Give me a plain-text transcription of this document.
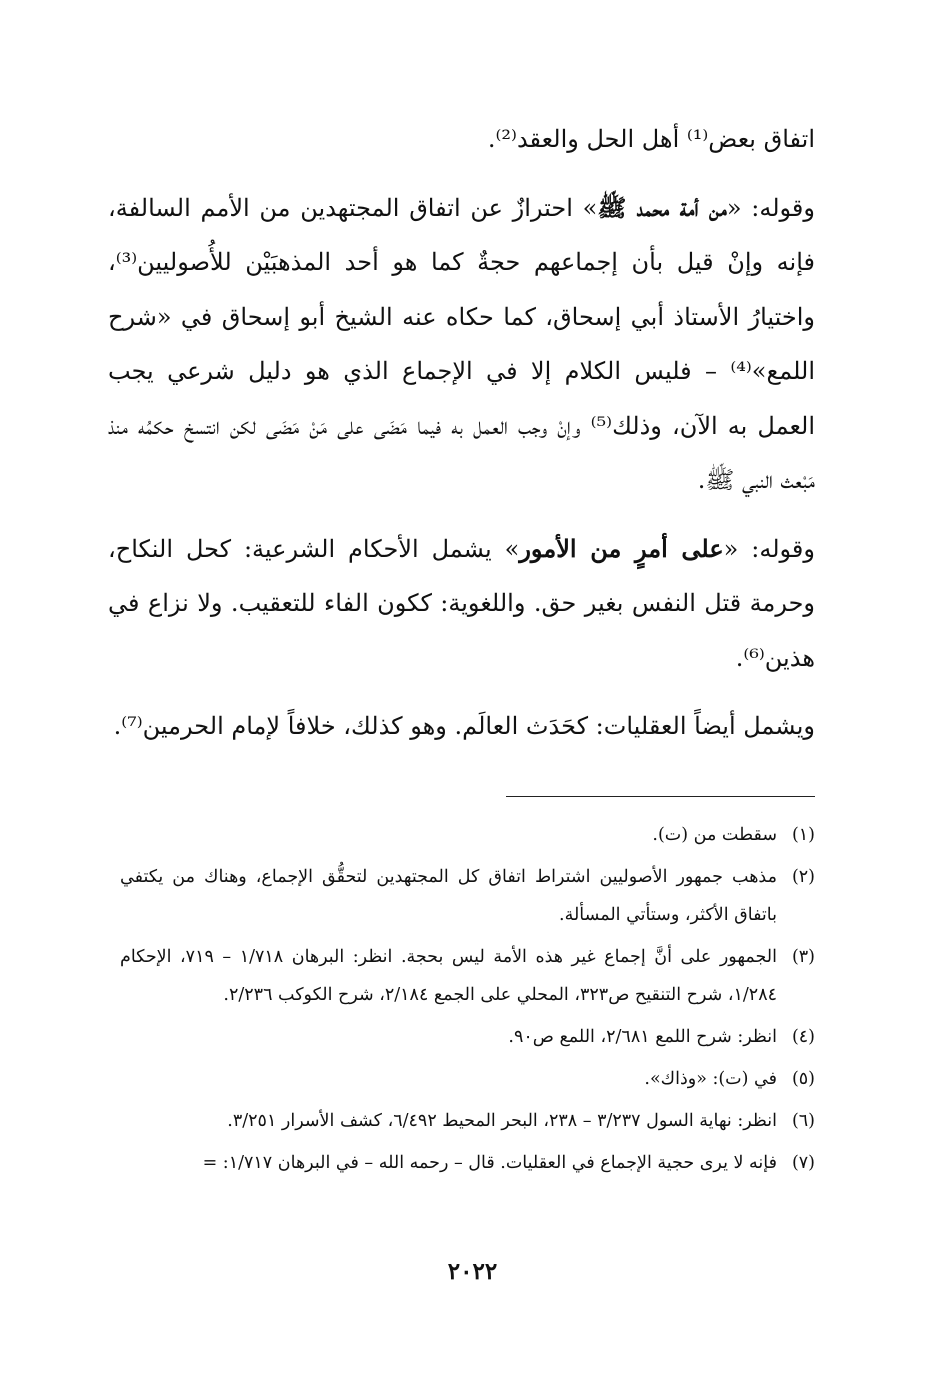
اتفاق بعض⁽¹⁾ أهل الحل والعقد⁽²⁾.

وقوله: «من أمة محمد ﷺ» احترازٌ عن اتفاق المجتهدين من الأمم السالفة، فإنه وإنْ قيل بأن إجماعهم حجةٌ كما هو أحد المذهبَيْن للأُصوليين⁽³⁾، واختيارُ الأستاذ أبي إسحاق، كما حكاه عنه الشيخ أبو إسحاق في «شرح اللمع»⁽⁴⁾ – فليس الكلام إلا في الإجماع الذي هو دليل شرعي يجب العمل به الآن، وذلك⁽⁵⁾ وإنْ وجب العمل به فيما مَضَى على مَنْ مَضَى لكن انتسخ حكمُه منذ مَبْعث النبي ﷺ.

وقوله: «على أمرٍ من الأمور» يشمل الأحكام الشرعية: كحل النكاح، وحرمة قتل النفس بغير حق. واللغوية: ككون الفاء للتعقيب. ولا نزاع في هذين⁽⁶⁾.

ويشمل أيضاً العقليات: كحَدَث العالَم. وهو كذلك، خلافاً لإمام الحرمين⁽⁷⁾.

(١)
سقطت من (ت).
(٢)
مذهب جمهور الأصوليين اشتراط اتفاق كل المجتهدين لتحقُّق الإجماع، وهناك من يكتفي باتفاق الأكثر، وستأتي المسألة.
(٣)
الجمهور على أنَّ إجماع غير هذه الأمة ليس بحجة. انظر: البرهان ١/٧١٨ – ٧١٩، الإحكام ١/٢٨٤، شرح التنقيح ص٣٢٣، المحلي على الجمع ٢/١٨٤، شرح الكوكب ٢/٢٣٦.
(٤)
انظر: شرح اللمع ٢/٦٨١، اللمع ص٩٠.
(٥)
في (ت): «وذاك».
(٦)
انظر: نهاية السول ٣/٢٣٧ – ٢٣٨، البحر المحيط ٦/٤٩٢، كشف الأسرار ٣/٢٥١.
(٧)
فإنه لا يرى حجية الإجماع في العقليات. قال – رحمه الله – في البرهان ١/٧١٧: =
٢٠٢٢
